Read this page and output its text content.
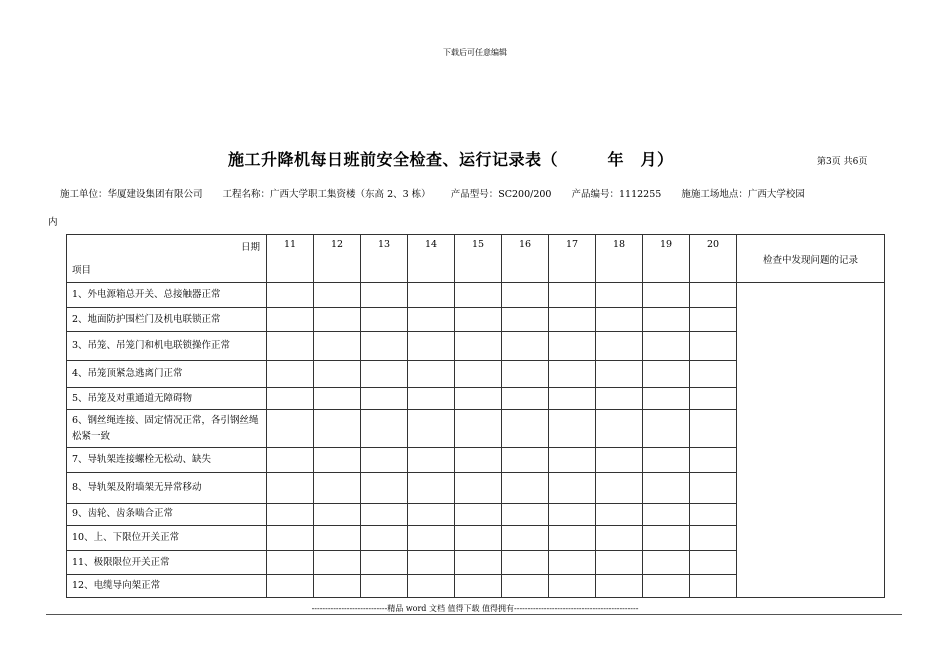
下载后可任意编辑
施工升降机每日班前安全检查、运行记录表（　　　年　月）	第3页 共6页
施工单位：华厦建设集团有限公司 工程名称：广西大学职工集资楼（东高 2、3 栋） 产品型号：SC200/200 产品编号：1112255 施施工场地点：广西大学校园
内
日期
项目	11	12	13	14	15	16	17	18	19	20	检查中发现问题的记录
1、外电源箱总开关、总接触器正常											
2、地面防护围栏门及机电联锁正常											
3、吊笼、吊笼门和机电联锁操作正常											
4、吊笼顶紧急逃离门正常											
5、吊笼及对重通道无障碍物											
6、钢丝绳连接、固定情况正常，各引钢丝绳松紧一致											
7、导轨架连接螺栓无松动、缺失											
8、导轨架及附墙架无异常移动											
9、齿轮、齿条啮合正常											
10、上、下限位开关正常											
11、极限限位开关正常											
12、电缆导向架正常											
----------------------------精品 word 文档 值得下载 值得拥有----------------------------------------------
